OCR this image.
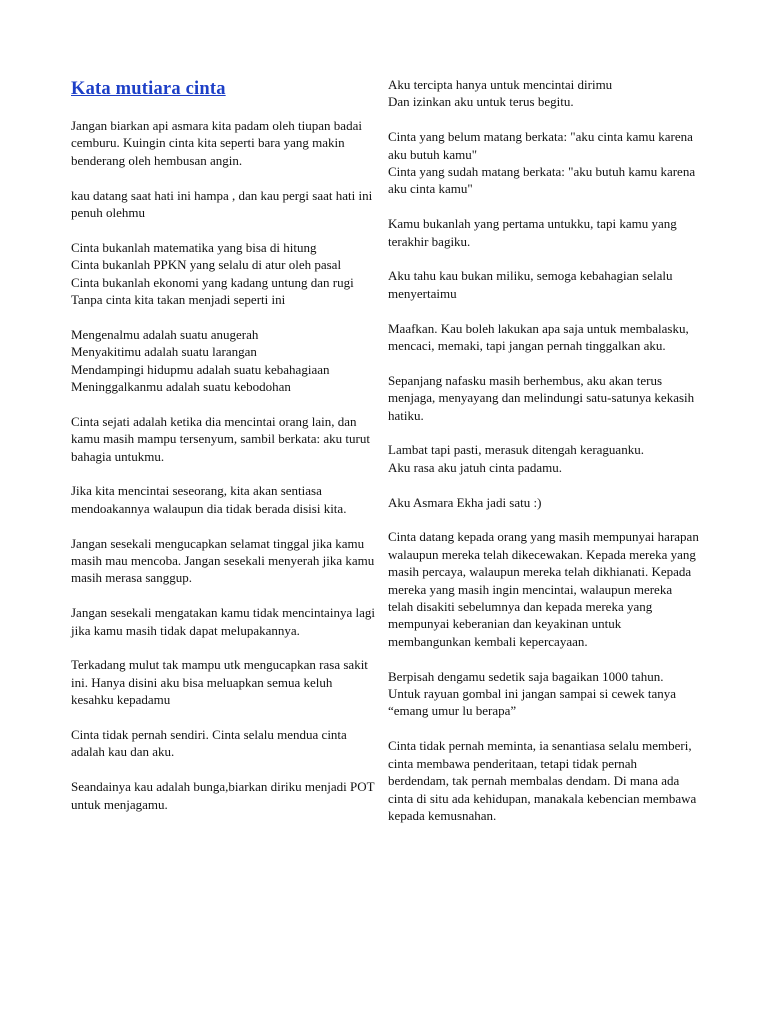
Kata mutiara cinta

Jangan biarkan api asmara kita padam oleh tiupan badai cemburu. Kuingin cinta kita seperti bara yang makin benderang oleh hembusan angin.

kau datang saat hati ini hampa , dan kau pergi saat hati ini penuh olehmu

Cinta bukanlah matematika yang bisa di hitung
Cinta bukanlah PPKN yang selalu di atur oleh pasal
Cinta bukanlah ekonomi yang kadang untung dan rugi
Tanpa cinta kita takan menjadi seperti ini

Mengenalmu adalah suatu anugerah
Menyakitimu adalah suatu larangan
Mendampingi hidupmu adalah suatu kebahagiaan
Meninggalkanmu adalah suatu kebodohan

Cinta sejati adalah ketika dia mencintai orang lain, dan kamu masih mampu tersenyum, sambil berkata: aku turut bahagia untukmu.

Jika kita mencintai seseorang, kita akan sentiasa mendoakannya walaupun dia tidak berada disisi kita.

Jangan sesekali mengucapkan selamat tinggal jika kamu masih mau mencoba. Jangan sesekali menyerah jika kamu masih merasa sanggup.

Jangan sesekali mengatakan kamu tidak mencintainya lagi jika kamu masih tidak dapat melupakannya.

Terkadang mulut tak mampu utk mengucapkan rasa sakit ini. Hanya disini aku bisa meluapkan semua keluh kesahku kepadamu

Cinta tidak pernah sendiri. Cinta selalu mendua cinta adalah kau dan aku.

Seandainya kau adalah bunga,biarkan diriku menjadi POT untuk menjagamu.

Aku tercipta hanya untuk mencintai dirimu
Dan izinkan aku untuk terus begitu.

Cinta yang belum matang berkata: "aku cinta kamu karena aku butuh kamu"
Cinta yang sudah matang berkata: "aku butuh kamu karena aku cinta kamu"

Kamu bukanlah yang pertama untukku, tapi kamu yang terakhir bagiku.

Aku tahu kau bukan miliku, semoga kebahagian selalu menyertaimu

Maafkan. Kau boleh lakukan apa saja untuk membalasku, mencaci, memaki, tapi jangan pernah tinggalkan aku.

Sepanjang nafasku masih berhembus, aku akan terus menjaga, menyayang dan melindungi satu-satunya kekasih hatiku.

Lambat tapi pasti, merasuk ditengah keraguanku.
Aku rasa aku jatuh cinta padamu.

Aku Asmara Ekha jadi satu :)

Cinta datang kepada orang yang masih mempunyai harapan walaupun mereka telah dikecewakan. Kepada mereka yang masih percaya, walaupun mereka telah dikhianati. Kepada mereka yang masih ingin mencintai, walaupun mereka telah disakiti sebelumnya dan kepada mereka yang mempunyai keberanian dan keyakinan untuk membangunkan kembali kepercayaan.

Berpisah dengamu sedetik saja bagaikan 1000 tahun.
Untuk rayuan gombal ini jangan sampai si cewek tanya “emang umur lu berapa”

Cinta tidak pernah meminta, ia senantiasa selalu memberi, cinta membawa penderitaan, tetapi tidak pernah berdendam, tak pernah membalas dendam. Di mana ada cinta di situ ada kehidupan, manakala kebencian membawa kepada kemusnahan.
